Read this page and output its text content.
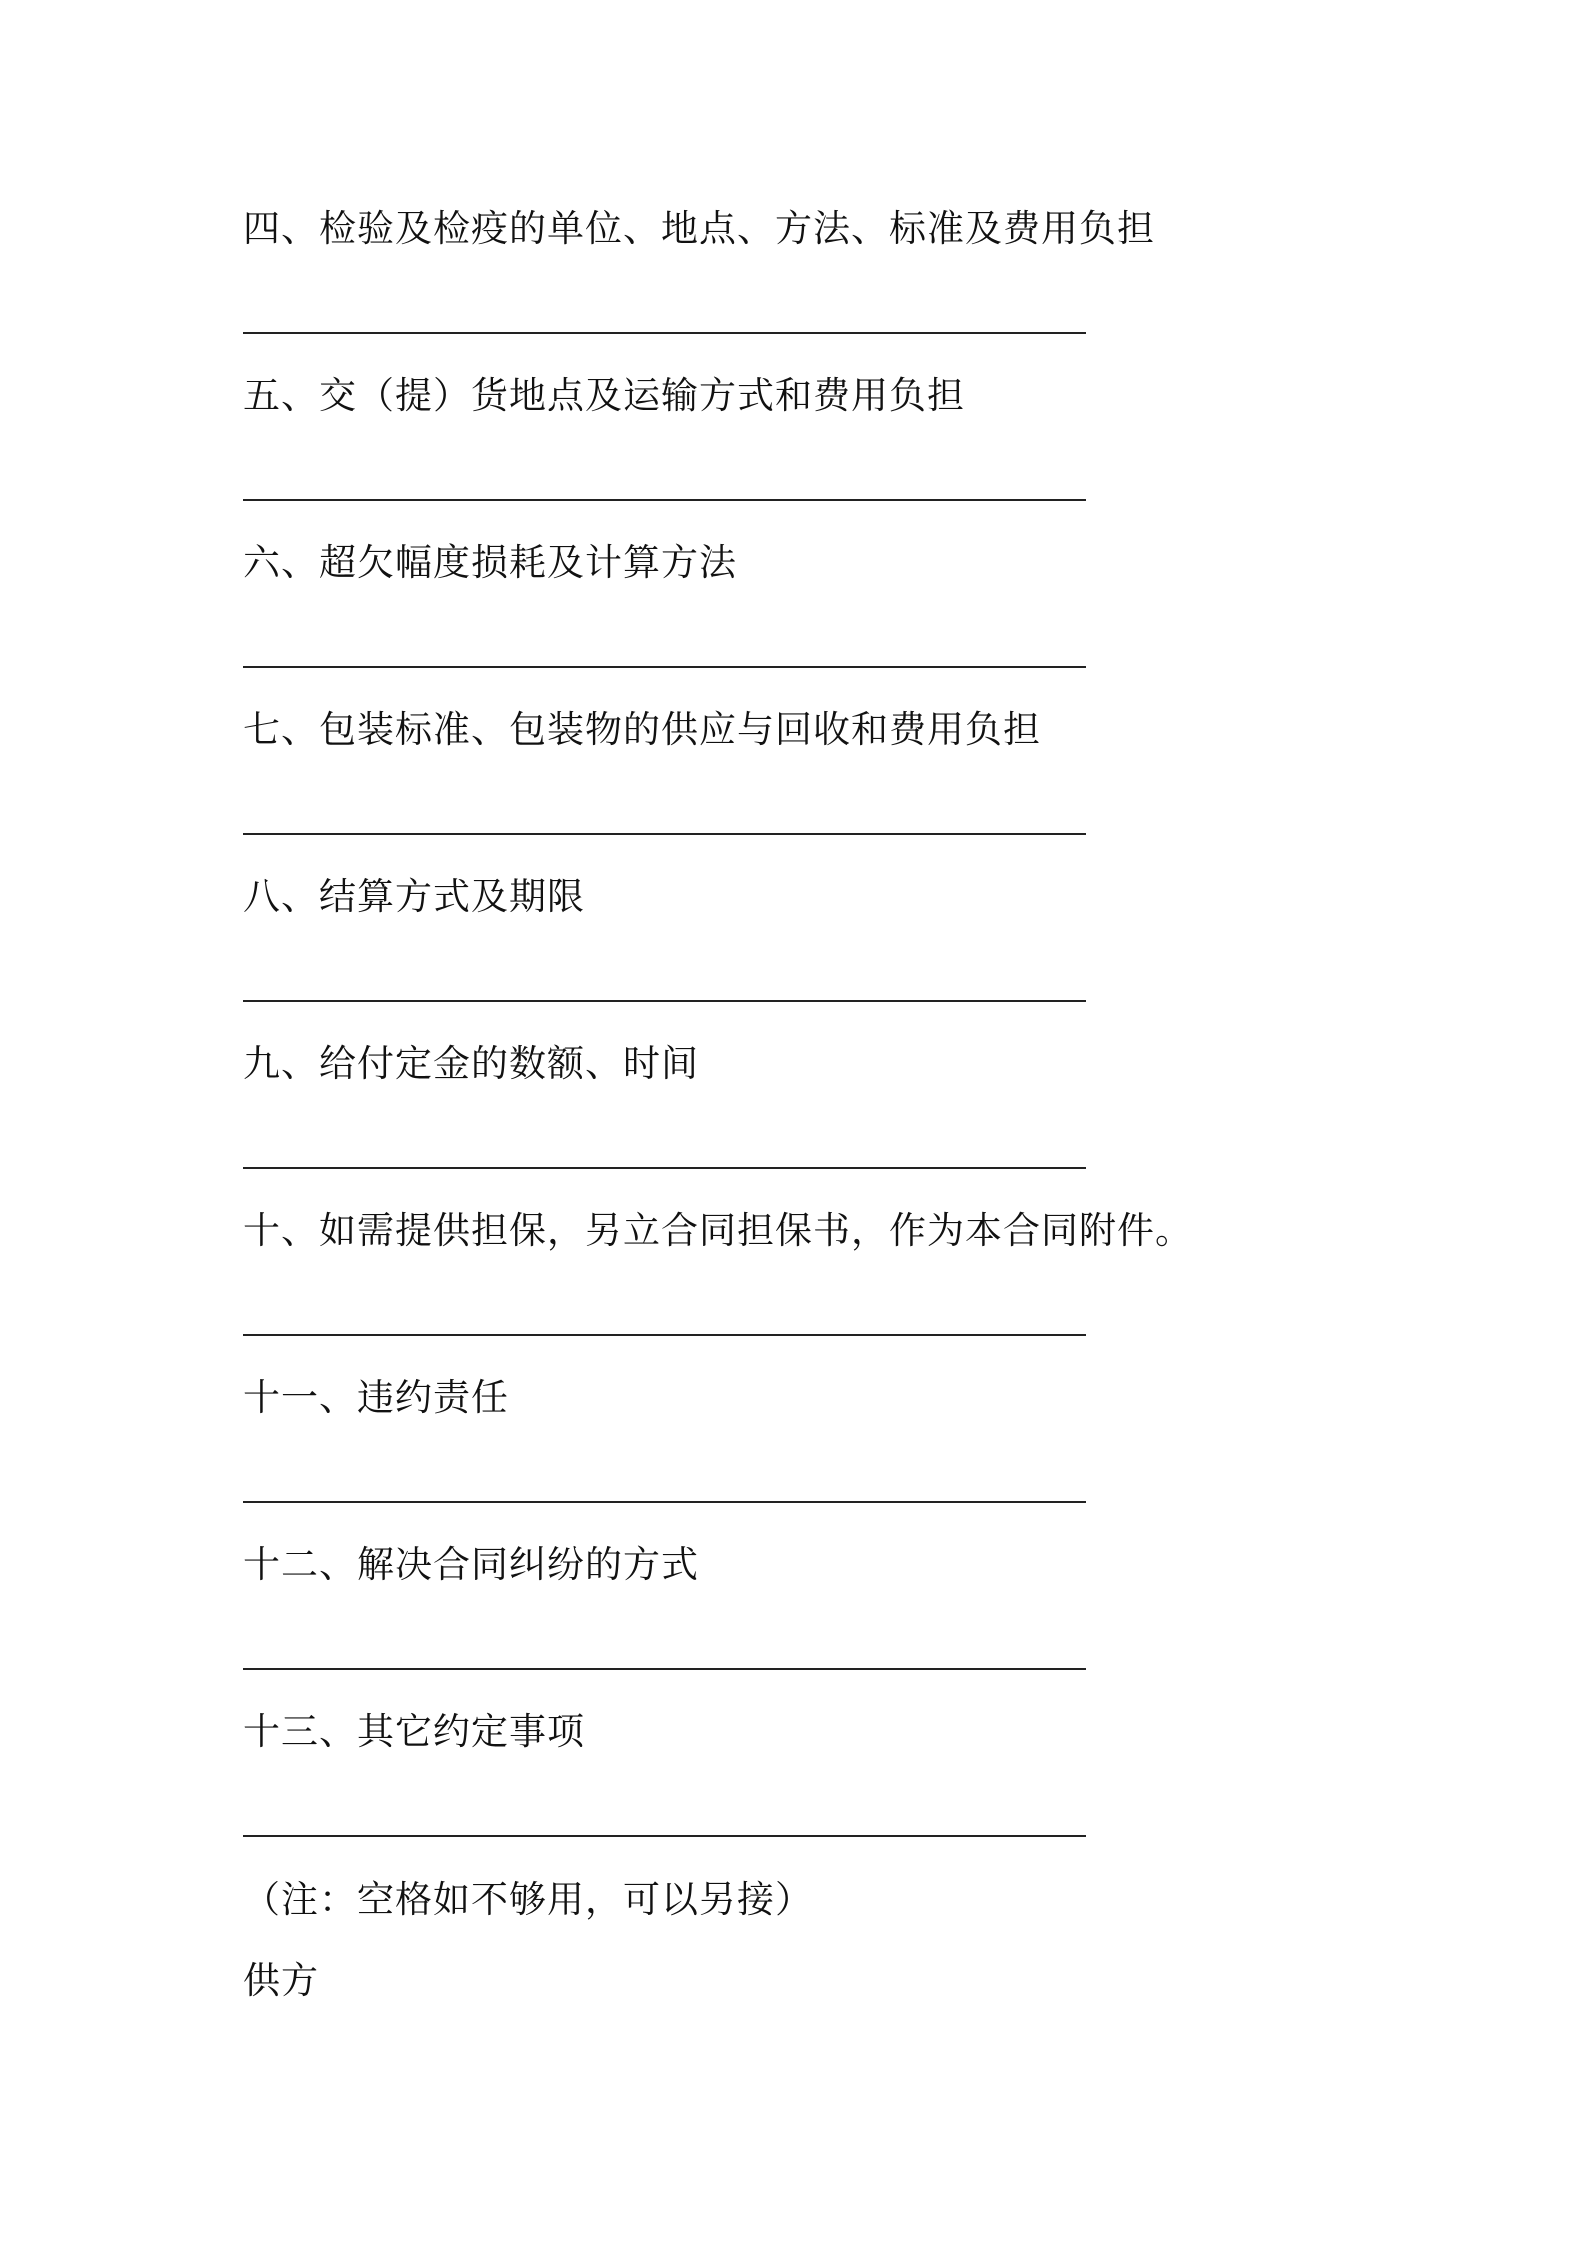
四、检验及检疫的单位、地点、方法、标准及费用负担
五、交（提）货地点及运输方式和费用负担
六、超欠幅度损耗及计算方法
七、包装标准、包装物的供应与回收和费用负担
八、结算方式及期限
九、给付定金的数额、时间
十、如需提供担保，另立合同担保书，作为本合同附件。
十一、违约责任
十二、解决合同纠纷的方式
十三、其它约定事项
（注：空格如不够用，可以另接）
供方
